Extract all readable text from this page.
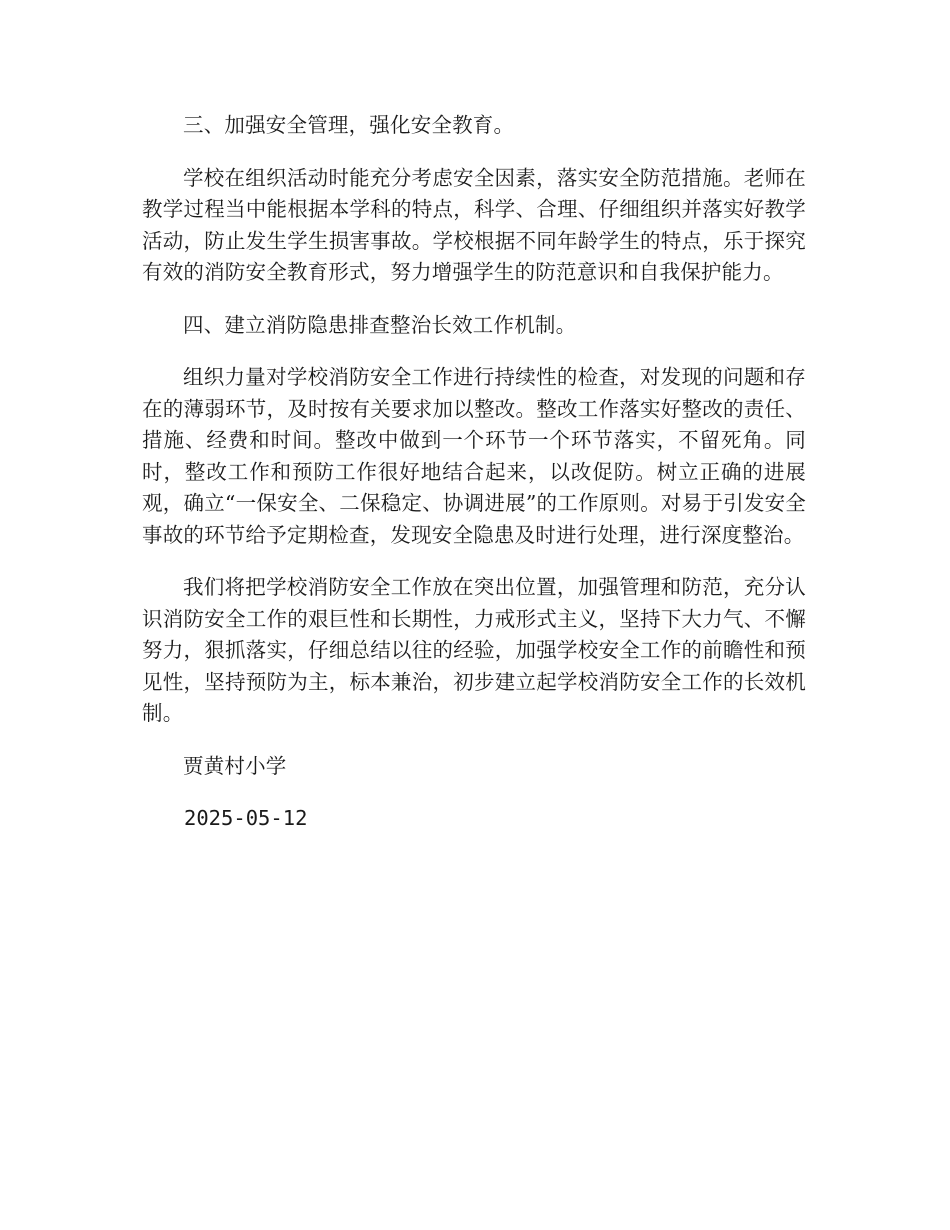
三、加强安全管理，强化安全教育。

学校在组织活动时能充分考虑安全因素，落实安全防范措施。老师在教学过程当中能根据本学科的特点，科学、合理、仔细组织并落实好教学活动，防止发生学生损害事故。学校根据不同年龄学生的特点，乐于探究有效的消防安全教育形式，努力增强学生的防范意识和自我保护能力。

四、建立消防隐患排查整治长效工作机制。

组织力量对学校消防安全工作进行持续性的检查，对发现的问题和存在的薄弱环节，及时按有关要求加以整改。整改工作落实好整改的责任、措施、经费和时间。整改中做到一个环节一个环节落实，不留死角。同时，整改工作和预防工作很好地结合起来，以改促防。树立正确的进展观，确立“一保安全、二保稳定、协调进展”的工作原则。对易于引发安全事故的环节给予定期检查，发现安全隐患及时进行处理，进行深度整治。

我们将把学校消防安全工作放在突出位置，加强管理和防范，充分认识消防安全工作的艰巨性和长期性，力戒形式主义，坚持下大力气、不懈努力，狠抓落实，仔细总结以往的经验，加强学校安全工作的前瞻性和预见性，坚持预防为主，标本兼治，初步建立起学校消防安全工作的长效机制。

贾黄村小学

2025-05-12
